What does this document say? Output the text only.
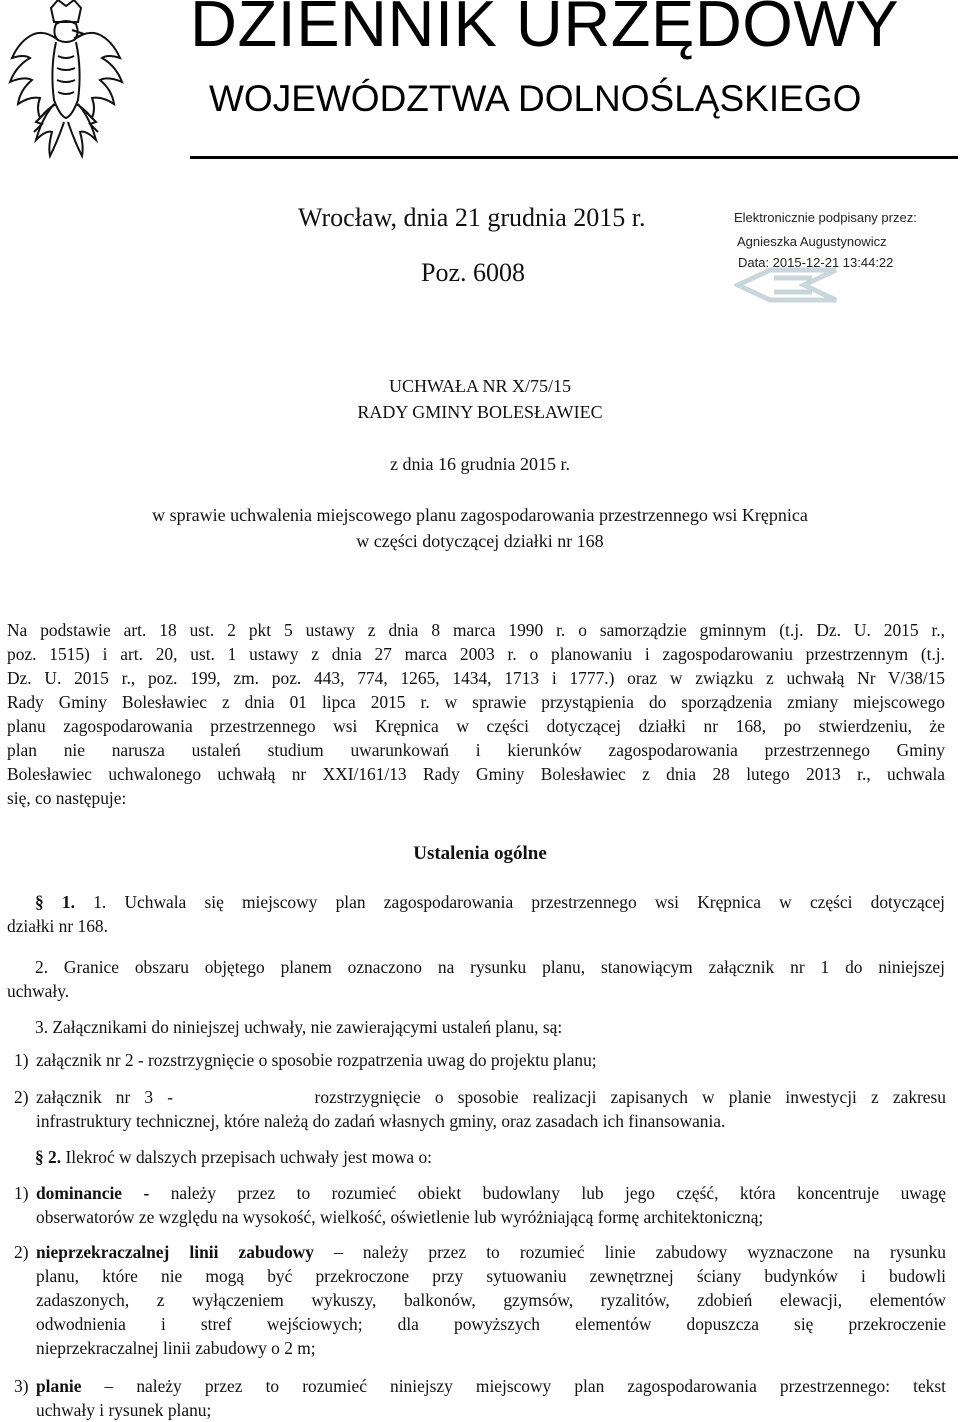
DZIENNIK URZĘDOWY
WOJEWÓDZTWA DOLNOŚLĄSKIEGO
Wrocław, dnia 21 grudnia 2015 r.
Poz. 6008
Elektronicznie podpisany przez:
Agnieszka Augustynowicz
Data: 2015-12-21 13:44:22
UCHWAŁA NR X/75/15
RADY GMINY BOLESŁAWIEC
z dnia 16 grudnia 2015 r.
w sprawie uchwalenia miejscowego planu zagospodarowania przestrzennego wsi Krępnica
w części dotyczącej działki nr 168
Na podstawie art. 18 ust. 2 pkt 5 ustawy z dnia 8 marca 1990 r. o samorządzie gminnym (t.j. Dz. U. 2015 r.,
poz. 1515) i art. 20, ust. 1 ustawy z dnia 27 marca 2003 r. o planowaniu i zagospodarowaniu przestrzennym (t.j.
Dz. U. 2015 r., poz. 199, zm. poz. 443, 774, 1265, 1434, 1713 i 1777.) oraz w związku z uchwałą Nr V/38/15
Rady Gminy Bolesławiec z dnia 01 lipca 2015 r. w sprawie przystąpienia do sporządzenia zmiany miejscowego
planu zagospodarowania przestrzennego wsi Krępnica w części dotyczącej działki nr 168, po stwierdzeniu, że
plan nie narusza ustaleń studium uwarunkowań i kierunków zagospodarowania przestrzennego Gminy
Bolesławiec uchwalonego uchwałą nr XXI/161/13 Rady Gminy Bolesławiec z dnia 28 lutego 2013 r., uchwala
się, co następuje:
Ustalenia ogólne
§ 1. 1. Uchwala się miejscowy plan zagospodarowania przestrzennego wsi Krępnica w części dotyczącej
działki nr 168.
2. Granice obszaru objętego planem oznaczono na rysunku planu, stanowiącym załącznik nr 1 do niniejszej
uchwały.
3. Załącznikami do niniejszej uchwały, nie zawierającymi ustaleń planu, są:
1) załącznik nr 2 - rozstrzygnięcie o sposobie rozpatrzenia uwag do projektu planu;
2) załącznik nr 3 -          rozstrzygnięcie o sposobie realizacji zapisanych w planie inwestycji z zakresu
infrastruktury technicznej, które należą do zadań własnych gminy, oraz zasadach ich finansowania.
§ 2. Ilekroć w dalszych przepisach uchwały jest mowa o:
1) dominancie - należy przez to rozumieć obiekt budowlany lub jego część, która koncentruje uwagę
obserwatorów ze względu na wysokość, wielkość, oświetlenie lub wyróżniającą formę architektoniczną;
2) nieprzekraczalnej linii zabudowy – należy przez to rozumieć linie zabudowy wyznaczone na rysunku
planu, które nie mogą być przekroczone przy sytuowaniu zewnętrznej ściany budynków i budowli
zadaszonych, z wyłączeniem wykuszy, balkonów, gzymsów, ryzalitów, zdobień elewacji, elementów
odwodnienia i stref wejściowych; dla powyższych elementów dopuszcza się przekroczenie
nieprzekraczalnej linii zabudowy o 2 m;
3) planie – należy przez to rozumieć niniejszy miejscowy plan zagospodarowania przestrzennego: tekst
uchwały i rysunek planu;
